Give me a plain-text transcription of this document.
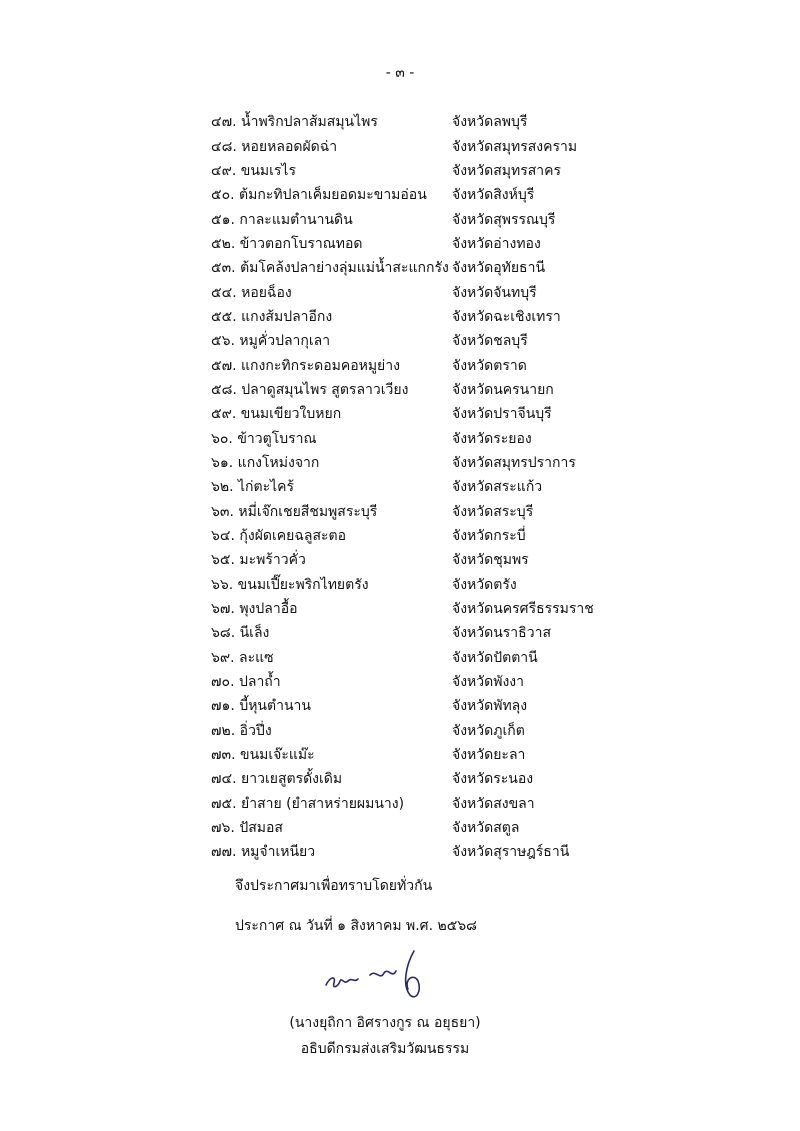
- ๓ -
๔๗. น้ำพริกปลาส้มสมุนไพร	จังหวัดลพบุรี
๔๘. หอยหลอดผัดฉ่า	จังหวัดสมุทรสงคราม
๔๙. ขนมเรไร	จังหวัดสมุทรสาคร
๕๐. ต้มกะทิปลาเค็มยอดมะขามอ่อน	จังหวัดสิงห์บุรี
๕๑. กาละแมตำนานดิน	จังหวัดสุพรรณบุรี
๕๒. ข้าวตอกโบราณทอด	จังหวัดอ่างทอง
๕๓. ต้มโคล้งปลาย่างลุ่มแม่น้ำสะแกกรัง จังหวัดอุทัยธานี
๕๔. หอยฉ็อง	จังหวัดจันทบุรี
๕๕. แกงส้มปลาอีกง	จังหวัดฉะเชิงเทรา
๕๖. หมูคั่วปลากุเลา	จังหวัดชลบุรี
๕๗. แกงกะทิกระดอมคอหมูย่าง	จังหวัดตราด
๕๘. ปลาดูสมุนไพร สูตรลาวเวียง	จังหวัดนครนายก
๕๙. ขนมเขียวใบหยก	จังหวัดปราจีนบุรี
๖๐. ข้าวตูโบราณ	จังหวัดระยอง
๖๑. แกงโหม่งจาก	จังหวัดสมุทรปราการ
๖๒. ไก่ตะไคร้	จังหวัดสระแก้ว
๖๓. หมี่เจ๊กเชยสีชมพูสระบุรี	จังหวัดสระบุรี
๖๔. กุ้งผัดเคยฉลูสะตอ	จังหวัดกระบี่
๖๕. มะพร้าวคั่ว	จังหวัดชุมพร
๖๖. ขนมเปี๊ยะพริกไทยตรัง	จังหวัดตรัง
๖๗. พุงปลาอื้อ	จังหวัดนครศรีธรรมราช
๖๘. นีเล็ง	จังหวัดนราธิวาส
๖๙. ละแซ	จังหวัดปัตตานี
๗๐. ปลาถ้ำ	จังหวัดพังงา
๗๑. บี้หุนตำนาน	จังหวัดพัทลุง
๗๒. อิ่วปึ่ง	จังหวัดภูเก็ต
๗๓. ขนมเจ๊ะแม๊ะ	จังหวัดยะลา
๗๔. ยาวเยสูตรดั้งเดิม	จังหวัดระนอง
๗๕. ยำสาย (ยำสาหร่ายผมนาง)	จังหวัดสงขลา
๗๖. ปัสมอส	จังหวัดสตูล
๗๗. หมูจำเหนียว	จังหวัดสุราษฎร์ธานี
จึงประกาศมาเพื่อทราบโดยทั่วกัน
ประกาศ ณ วันที่ ๑ สิงหาคม พ.ศ. ๒๕๖๘
(นางยุถิกา อิศรางกูร ณ อยุธยา)
อธิบดีกรมส่งเสริมวัฒนธรรม
